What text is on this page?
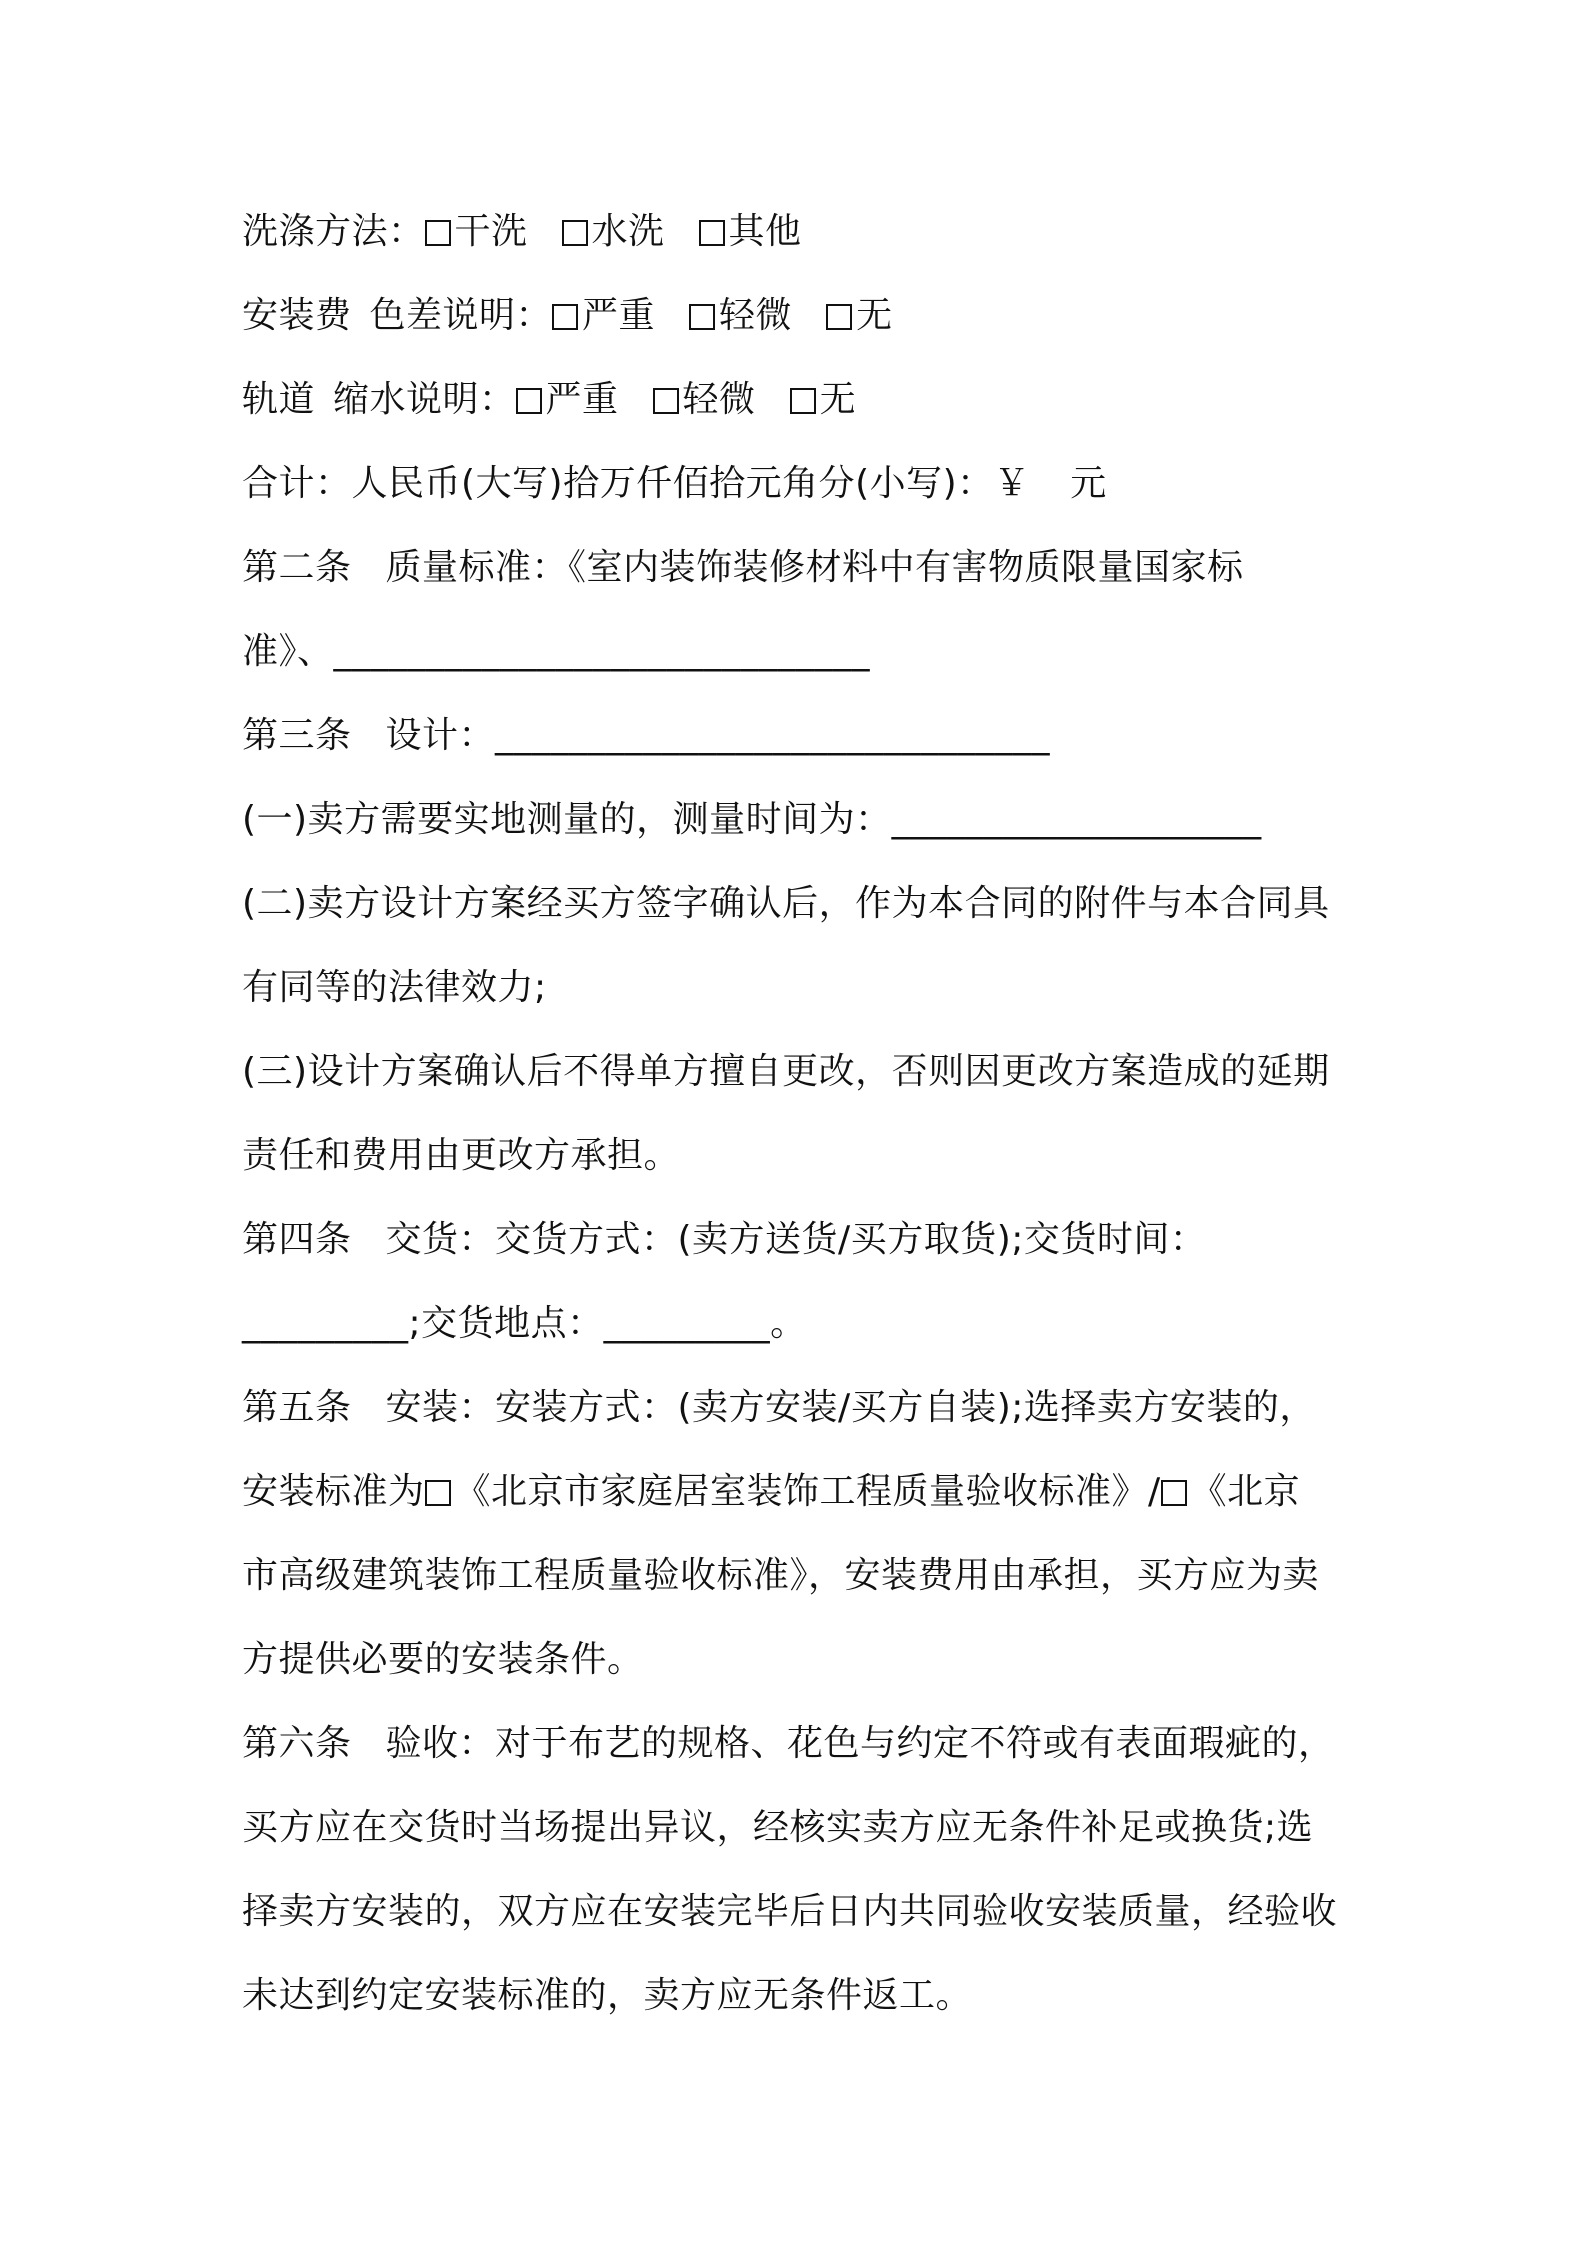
洗涤方法： 干洗 水洗 其他
安装费 色差说明： 严重 轻微 无
轨道 缩水说明： 严重 轻微 无
合计：人民币(大写)拾万仟佰拾元角分(小写)：￥ 元
第二条 质量标准：《室内装饰装修材料中有害物质限量国家标
准》、_____________________________
第三条 设计：______________________________
(一)卖方需要实地测量的，测量时间为：____________________
(二)卖方设计方案经买方签字确认后，作为本合同的附件与本合同具
有同等的法律效力;
(三)设计方案确认后不得单方擅自更改，否则因更改方案造成的延期
责任和费用由更改方承担。
第四条 交货：交货方式：(卖方送货/买方取货);交货时间：
_________;交货地点：_________。
第五条 安装：安装方式：(卖方安装/买方自装);选择卖方安装的，
安装标准为 《北京市家庭居室装饰工程质量验收标准》/ 《北京
市高级建筑装饰工程质量验收标准》，安装费用由承担，买方应为卖
方提供必要的安装条件。
第六条 验收：对于布艺的规格、花色与约定不符或有表面瑕疵的，
买方应在交货时当场提出异议，经核实卖方应无条件补足或换货;选
择卖方安装的，双方应在安装完毕后日内共同验收安装质量，经验收
未达到约定安装标准的，卖方应无条件返工。
